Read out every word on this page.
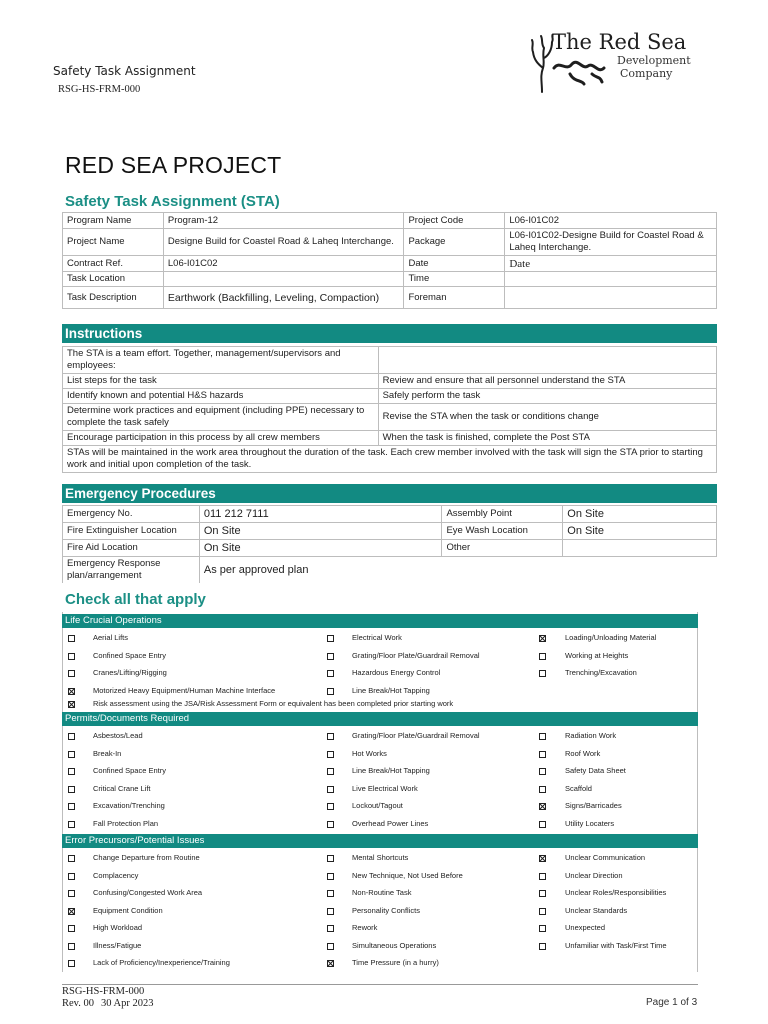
Safety Task Assignment
RSG-HS-FRM-000
The Red Sea
Development
Company
RED SEA PROJECT
Safety Task Assignment (STA)
Program Name	Program-12	Project Code	L06-I01C02
Project Name	Designe Build for Coastel Road & Laheq Interchange.	Package	L06-I01C02-Designe Build for Coastel Road & Laheq Interchange.
Contract Ref.	L06-I01C02	Date	Date
Task Location		Time	
Task Description	Earthwork (Backfilling, Leveling, Compaction)	Foreman	
Instructions
The STA is a team effort. Together, management/supervisors and employees:	
List steps for the task	Review and ensure that all personnel understand the STA
Identify known and potential H&S hazards	Safely perform the task
Determine work practices and equipment (including PPE) necessary to complete the task safely	Revise the STA when the task or conditions change
Encourage participation in this process by all crew members	When the task is finished, complete the Post STA
STAs will be maintained in the work area throughout the duration of the task. Each crew member involved with the task will sign the STA prior to starting work and initial upon completion of the task.	
Emergency Procedures
Emergency No.	011 212 7111	Assembly Point	On Site
Fire Extinguisher Location	On Site	Eye Wash Location	On Site
Fire Aid Location	On Site	Other	
Emergency Response plan/arrangement	As per approved plan		
Check all that apply
Life Crucial Operations
Aerial Lifts	Electrical Work	Loading/Unloading Material
Confined Space Entry	Grating/Floor Plate/Guardrail Removal	Working at Heights
Cranes/Lifting/Rigging	Hazardous Energy Control	Trenching/Excavation
Motorized Heavy Equipment/Human Machine Interface	Line Break/Hot Tapping
Risk assessment using the JSA/Risk Assessment Form or equivalent has been completed prior starting work
Permits/Documents Required
Asbestos/Lead	Grating/Floor Plate/Guardrail Removal	Radiation Work
Break-In	Hot Works	Roof Work
Confined Space Entry	Line Break/Hot Tapping	Safety Data Sheet
Critical Crane Lift	Live Electrical Work	Scaffold
Excavation/Trenching	Lockout/Tagout	Signs/Barricades
Fall Protection Plan	Overhead Power Lines	Utility Locaters
Error Precursors/Potential Issues
Change Departure from Routine	Mental Shortcuts	Unclear Communication
Complacency	New Technique, Not Used Before	Unclear Direction
Confusing/Congested Work Area	Non-Routine Task	Unclear Roles/Responsibilities
Equipment Condition	Personality Conflicts	Unclear Standards
High Workload	Rework	Unexpected
Illness/Fatigue	Simultaneous Operations	Unfamiliar with Task/First Time
Lack of Proficiency/Inexperience/Training	Time Pressure (in a hurry)
RSG-HS-FRM-000
Rev. 00 30 Apr 2023	Page 1 of 3
